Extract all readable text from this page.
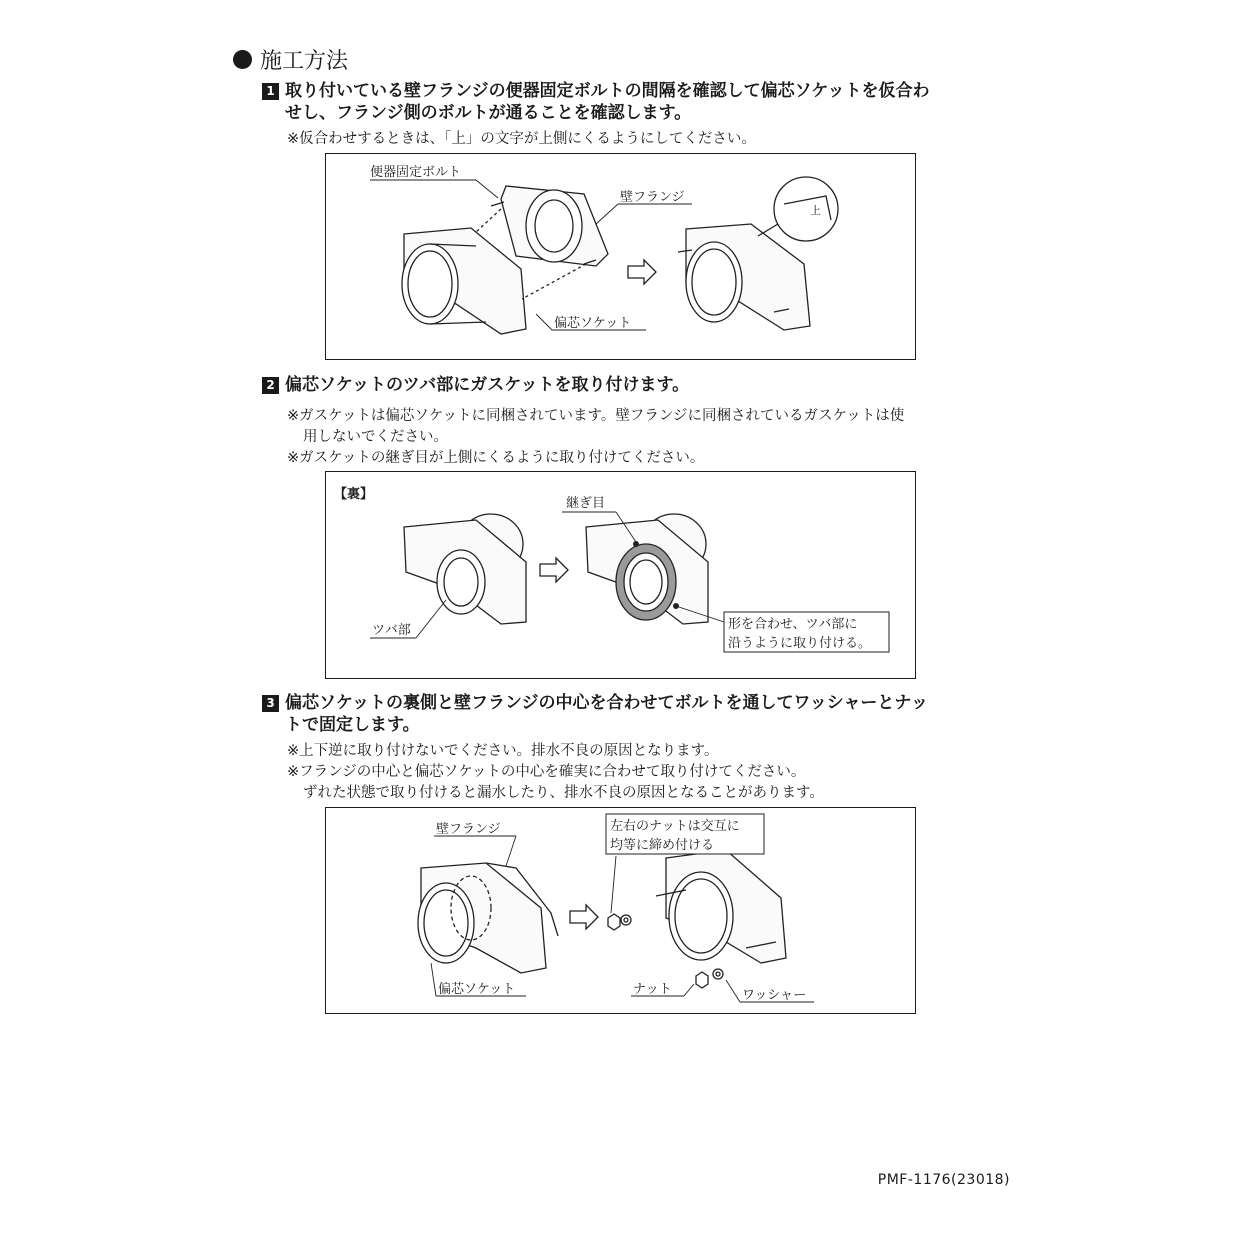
施工方法
1 取り付いている壁フランジの便器固定ボルトの間隔を確認して偏芯ソケットを仮合わ
せし、フランジ側のボルトが通ることを確認します。
※仮合わせするときは、「上」の文字が上側にくるようにしてください。
便器固定ボルト
壁フランジ
偏芯ソケット
上
2 偏芯ソケットのツバ部にガスケットを取り付けます。
※ガスケットは偏芯ソケットに同梱されています。壁フランジに同梱されているガスケットは使
用しないでください。
※ガスケットの継ぎ目が上側にくるように取り付けてください。
【裏】
継ぎ目
ツバ部	形を合わせ、ツバ部に
沿うように取り付ける。
3 偏芯ソケットの裏側と壁フランジの中心を合わせてボルトを通してワッシャーとナッ
トで固定します。
※上下逆に取り付けないでください。排水不良の原因となります。
※フランジの中心と偏芯ソケットの中心を確実に合わせて取り付けてください。
ずれた状態で取り付けると漏水したり、排水不良の原因となることがあります。
壁フランジ
偏芯ソケット
左右のナットは交互に
均等に締め付ける
ナット	ワッシャー
PMF-1176(23018)
